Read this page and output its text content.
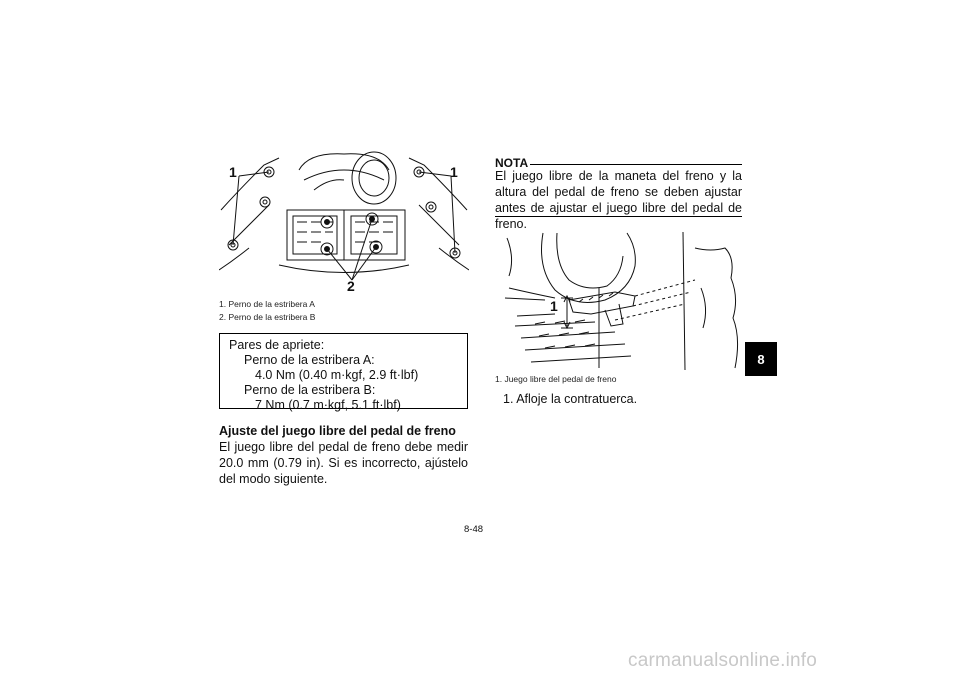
1	1
2
1. Perno de la estribera A
2. Perno de la estribera B
Pares de apriete:
Perno de la estribera A:
4.0 Nm (0.40 m·kgf, 2.9 ft·lbf)
Perno de la estribera B:
7 Nm (0.7 m·kgf, 5.1 ft·lbf)
Ajuste del juego libre del pedal de freno
El juego libre del pedal de freno debe medir 20.0 mm (0.79 in). Si es incorrecto, ajústelo del modo siguiente.
NOTA
El juego libre de la maneta del freno y la altura del pedal de freno se deben ajustar antes de ajustar el juego libre del pedal de freno.
1
1. Juego libre del pedal de freno
1. Afloje la contratuerca.
8
8-48
carmanualsonline.info
